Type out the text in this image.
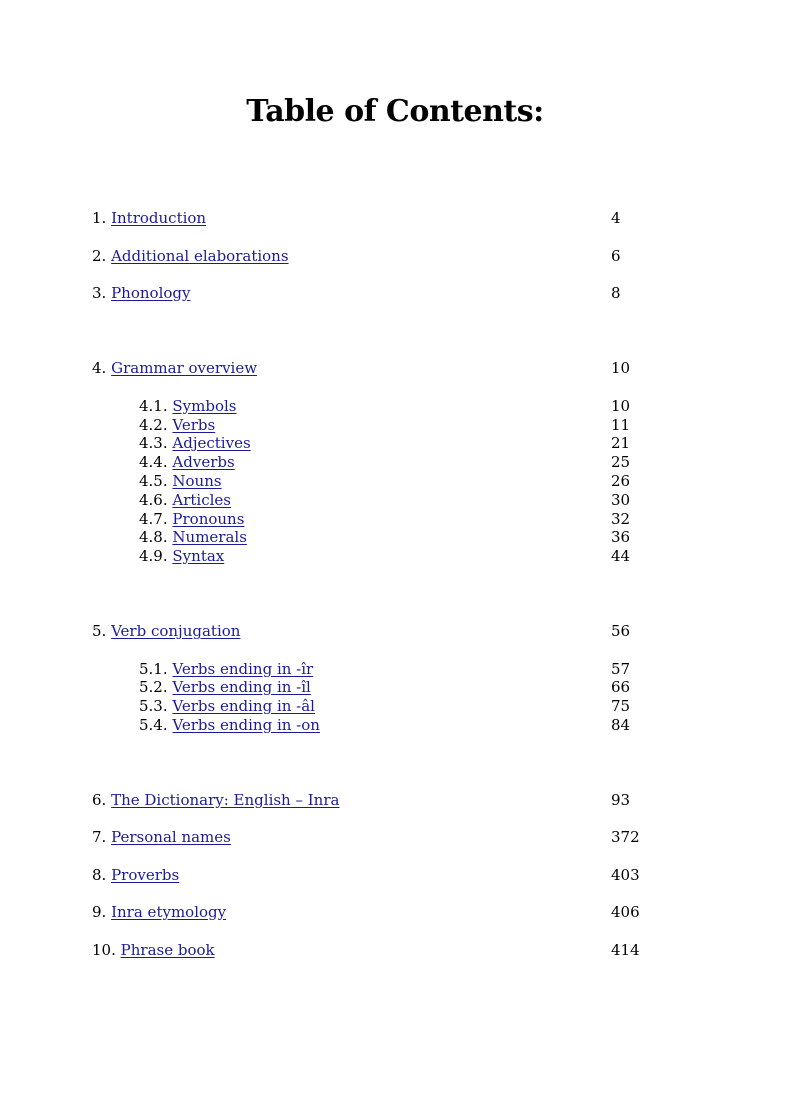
Table of Contents:
1. Introduction	4
2. Additional elaborations	6
3. Phonology	8
4. Grammar overview	10
4.1. Symbols	10
4.2. Verbs	11
4.3. Adjectives	21
4.4. Adverbs	25
4.5. Nouns	26
4.6. Articles	30
4.7. Pronouns	32
4.8. Numerals	36
4.9. Syntax	44
5. Verb conjugation	56
5.1. Verbs ending in -îr	57
5.2. Verbs ending in -îl	66
5.3. Verbs ending in -âl	75
5.4. Verbs ending in -on	84
6. The Dictionary: English – Inra	93
7. Personal names	372
8. Proverbs	403
9. Inra etymology	406
10. Phrase book	414
